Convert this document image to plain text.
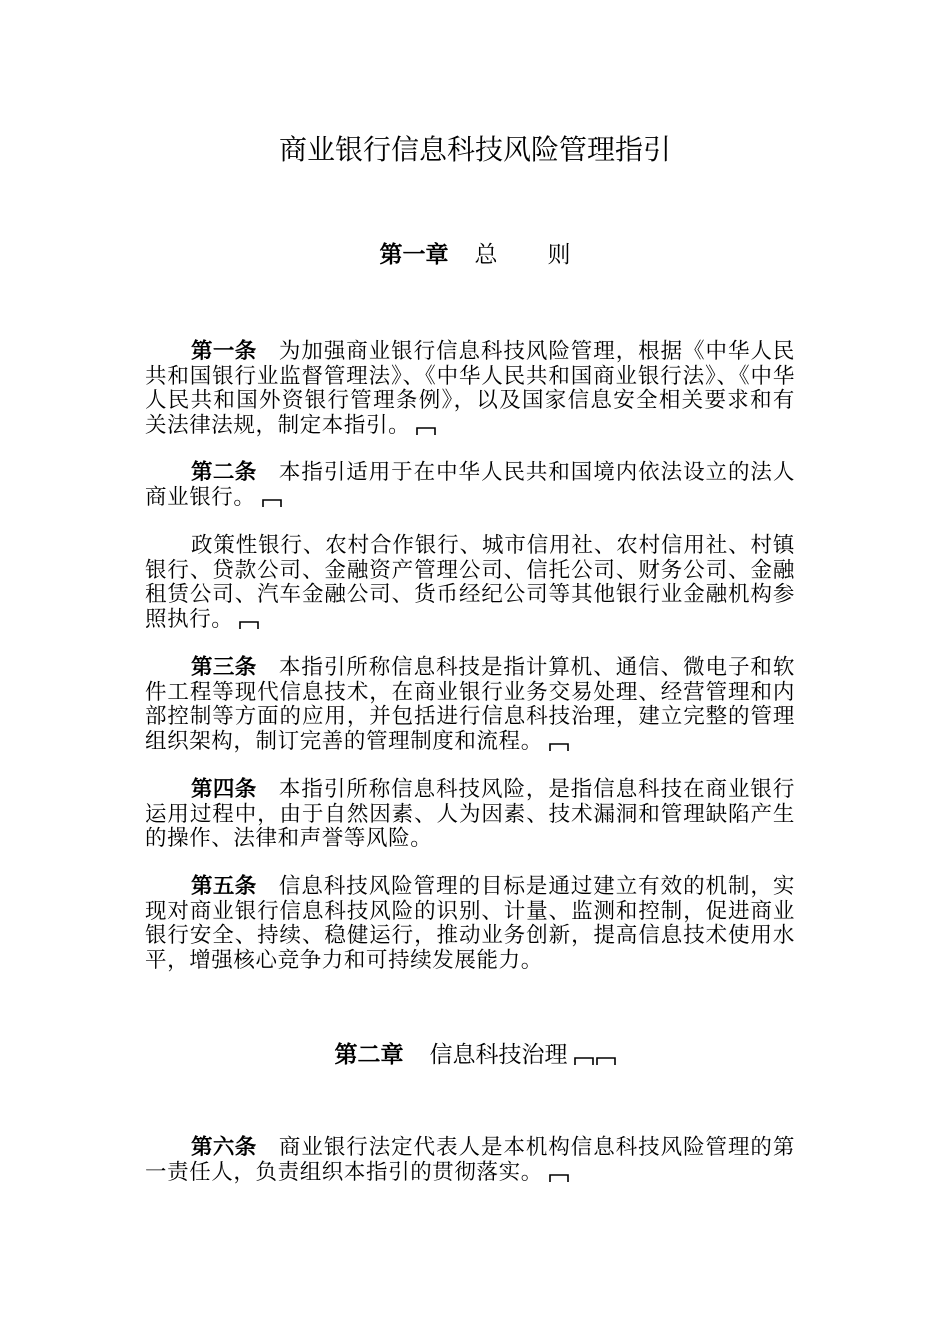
商业银行信息科技风险管理指引
第一章 总 则
第一条 为加强商业银行信息科技风险管理，根据《中华人民共和国银行业监督管理法》、《中华人民共和国商业银行法》、《中华人民共和国外资银行管理条例》，以及国家信息安全相关要求和有关法律法规，制定本指引。
第二条 本指引适用于在中华人民共和国境内依法设立的法人商业银行。
政策性银行、农村合作银行、城市信用社、农村信用社、村镇银行、贷款公司、金融资产管理公司、信托公司、财务公司、金融租赁公司、汽车金融公司、货币经纪公司等其他银行业金融机构参照执行。
第三条 本指引所称信息科技是指计算机、通信、微电子和软件工程等现代信息技术，在商业银行业务交易处理、经营管理和内部控制等方面的应用，并包括进行信息科技治理，建立完整的管理组织架构，制订完善的管理制度和流程。
第四条 本指引所称信息科技风险，是指信息科技在商业银行运用过程中，由于自然因素、人为因素、技术漏洞和管理缺陷产生的操作、法律和声誉等风险。
第五条 信息科技风险管理的目标是通过建立有效的机制，实现对商业银行信息科技风险的识别、计量、监测和控制，促进商业银行安全、持续、稳健运行，推动业务创新，提高信息技术使用水平，增强核心竞争力和可持续发展能力。
第二章 信息科技治理
第六条 商业银行法定代表人是本机构信息科技风险管理的第一责任人，负责组织本指引的贯彻落实。
